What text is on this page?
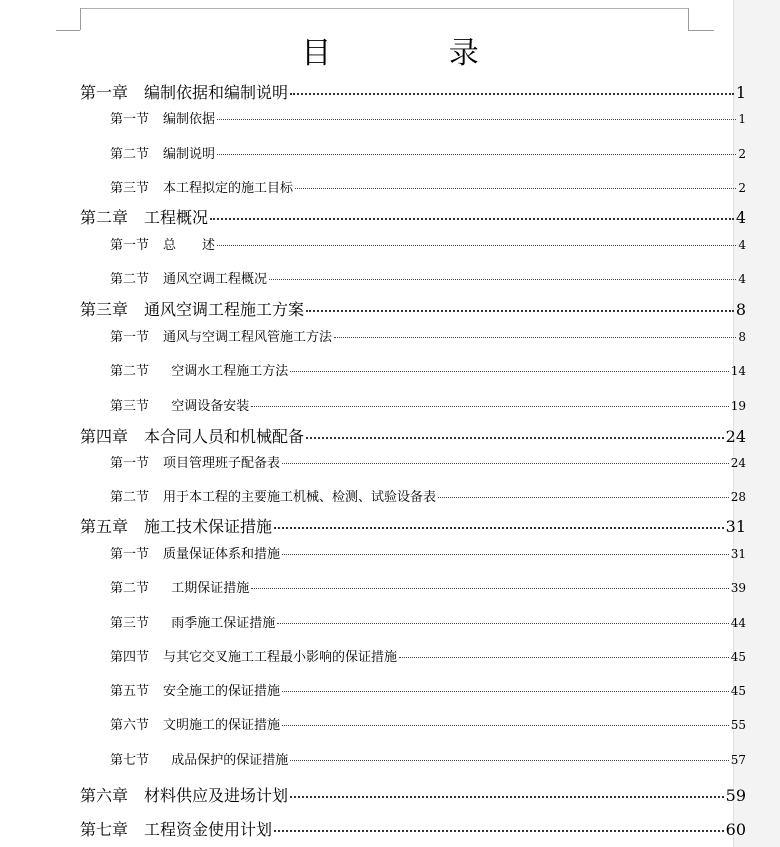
目 录
第一章 编制依据和编制说明	1
第一节 编制依据	1
第二节 编制说明	2
第三节 本工程拟定的施工目标	2
第二章 工程概况	4
第一节 总　　述	4
第二节 通风空调工程概况	4
第三章 通风空调工程施工方案	8
第一节 通风与空调工程风管施工方法	8
第二节 空调水工程施工方法	14
第三节 空调设备安装	19
第四章 本合同人员和机械配备	24
第一节 项目管理班子配备表	24
第二节 用于本工程的主要施工机械、检测、试验设备表	28
第五章 施工技术保证措施	31
第一节 质量保证体系和措施	31
第二节 工期保证措施	39
第三节 雨季施工保证措施	44
第四节 与其它交叉施工工程最小影响的保证措施	45
第五节 安全施工的保证措施	45
第六节 文明施工的保证措施	55
第七节 成品保护的保证措施	57
第六章 材料供应及进场计划	59
第七章 工程资金使用计划	60
